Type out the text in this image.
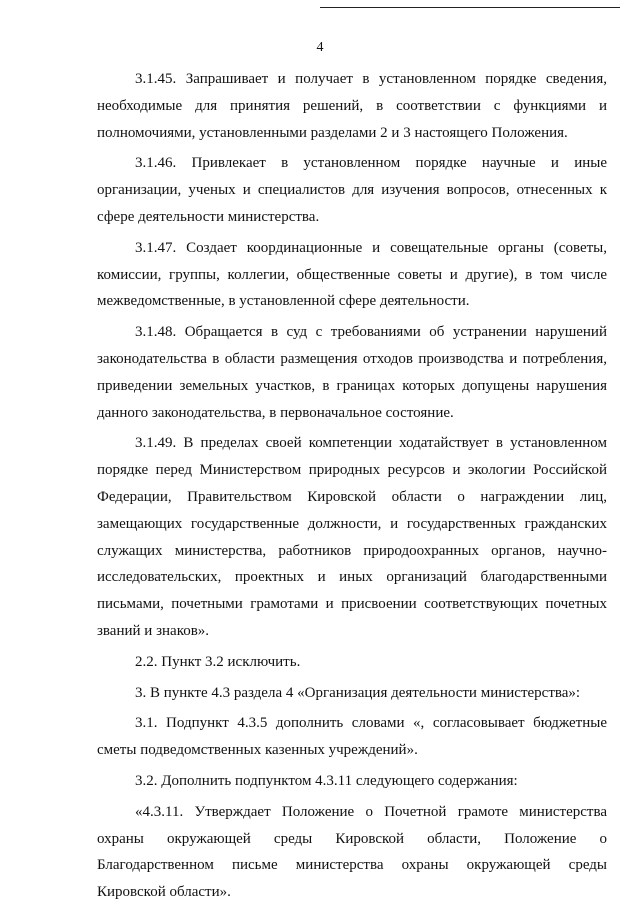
4

3.1.45. Запрашивает и получает в установленном порядке сведения, необходимые для принятия решений, в соответствии с функциями и полномочиями, установленными разделами 2 и 3 настоящего Положения.

3.1.46. Привлекает в установленном порядке научные и иные организации, ученых и специалистов для изучения вопросов, отнесенных к сфере деятельности министерства.

3.1.47. Создает координационные и совещательные органы (советы, комиссии, группы, коллегии, общественные советы и другие), в том числе межведомственные, в установленной сфере деятельности.

3.1.48. Обращается в суд с требованиями об устранении нарушений законодательства в области размещения отходов производства и потребления, приведении земельных участков, в границах которых допущены нарушения данного законодательства, в первоначальное состояние.

3.1.49. В пределах своей компетенции ходатайствует в установленном порядке перед Министерством природных ресурсов и экологии Российской Федерации, Правительством Кировской области о награждении лиц, замещающих государственные должности, и государственных гражданских служащих министерства, работников природоохранных органов, научно-исследовательских, проектных и иных организаций благодарственными письмами, почетными грамотами и присвоении соответствующих почетных званий и знаков».

2.2. Пункт 3.2 исключить.

3. В пункте 4.3 раздела 4 «Организация деятельности министерства»:

3.1. Подпункт 4.3.5 дополнить словами «, согласовывает бюджетные сметы подведомственных казенных учреждений».

3.2. Дополнить подпунктом 4.3.11 следующего содержания:

«4.3.11. Утверждает Положение о Почетной грамоте министерства охраны окружающей среды Кировской области, Положение о Благодарственном письме министерства охраны окружающей среды Кировской области».
